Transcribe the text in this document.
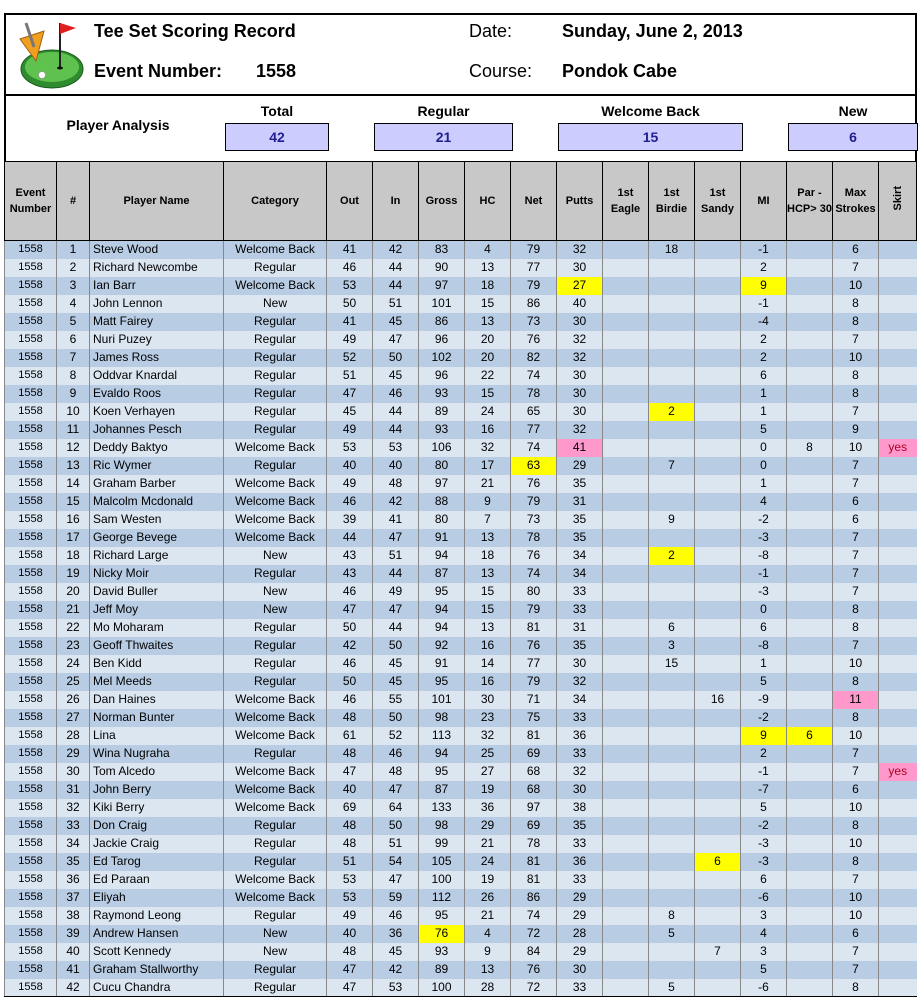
Tee Set Scoring Record
Event Number: 1558
Date:	Sunday, June 2, 2013
Course: Pondok Cabe
Player Analysis
Total
42
Regular
21
Welcome Back
15
New
6
Event Number	#	Player Name	Category	Out	In	Gross	HC	Net	Putts	1st Eagle	1st Birdie	1st Sandy	MI	Par - HCP> 30	Max Strokes	Skirt
1558	1	Steve Wood	Welcome Back	41	42	83	4	79	32		18		-1		6	
1558	2	Richard Newcombe	Regular	46	44	90	13	77	30				2		7	
1558	3	Ian Barr	Welcome Back	53	44	97	18	79	27				9		10	
1558	4	John Lennon	New	50	51	101	15	86	40				-1		8	
1558	5	Matt Fairey	Regular	41	45	86	13	73	30				-4		8	
1558	6	Nuri Puzey	Regular	49	47	96	20	76	32				2		7	
1558	7	James Ross	Regular	52	50	102	20	82	32				2		10	
1558	8	Oddvar Knardal	Regular	51	45	96	22	74	30				6		8	
1558	9	Evaldo Roos	Regular	47	46	93	15	78	30				1		8	
1558	10	Koen Verhayen	Regular	45	44	89	24	65	30		2		1		7	
1558	11	Johannes Pesch	Regular	49	44	93	16	77	32				5		9	
1558	12	Deddy Baktyo	Welcome Back	53	53	106	32	74	41				0	8	10	yes
1558	13	Ric Wymer	Regular	40	40	80	17	63	29		7		0		7	
1558	14	Graham Barber	Welcome Back	49	48	97	21	76	35				1		7	
1558	15	Malcolm Mcdonald	Welcome Back	46	42	88	9	79	31				4		6	
1558	16	Sam Westen	Welcome Back	39	41	80	7	73	35		9		-2		6	
1558	17	George Bevege	Welcome Back	44	47	91	13	78	35				-3		7	
1558	18	Richard Large	New	43	51	94	18	76	34		2		-8		7	
1558	19	Nicky Moir	Regular	43	44	87	13	74	34				-1		7	
1558	20	David Buller	New	46	49	95	15	80	33				-3		7	
1558	21	Jeff Moy	New	47	47	94	15	79	33				0		8	
1558	22	Mo Moharam	Regular	50	44	94	13	81	31		6		6		8	
1558	23	Geoff Thwaites	Regular	42	50	92	16	76	35		3		-8		7	
1558	24	Ben Kidd	Regular	46	45	91	14	77	30		15		1		10	
1558	25	Mel Meeds	Regular	50	45	95	16	79	32				5		8	
1558	26	Dan Haines	Welcome Back	46	55	101	30	71	34			16	-9		11	
1558	27	Norman Bunter	Welcome Back	48	50	98	23	75	33				-2		8	
1558	28	Lina	Welcome Back	61	52	113	32	81	36				9	6	10	
1558	29	Wina Nugraha	Regular	48	46	94	25	69	33				2		7	
1558	30	Tom Alcedo	Welcome Back	47	48	95	27	68	32				-1		7	yes
1558	31	John Berry	Welcome Back	40	47	87	19	68	30				-7		6	
1558	32	Kiki Berry	Welcome Back	69	64	133	36	97	38				5		10	
1558	33	Don Craig	Regular	48	50	98	29	69	35				-2		8	
1558	34	Jackie Craig	Regular	48	51	99	21	78	33				-3		10	
1558	35	Ed Tarog	Regular	51	54	105	24	81	36			6	-3		8	
1558	36	Ed Paraan	Welcome Back	53	47	100	19	81	33				6		7	
1558	37	Eliyah	Welcome Back	53	59	112	26	86	29				-6		10	
1558	38	Raymond Leong	Regular	49	46	95	21	74	29		8		3		10	
1558	39	Andrew Hansen	New	40	36	76	4	72	28		5		4		6	
1558	40	Scott Kennedy	New	48	45	93	9	84	29			7	3		7	
1558	41	Graham Stallworthy	Regular	47	42	89	13	76	30				5		7	
1558	42	Cucu Chandra	Regular	47	53	100	28	72	33		5		-6		8	
